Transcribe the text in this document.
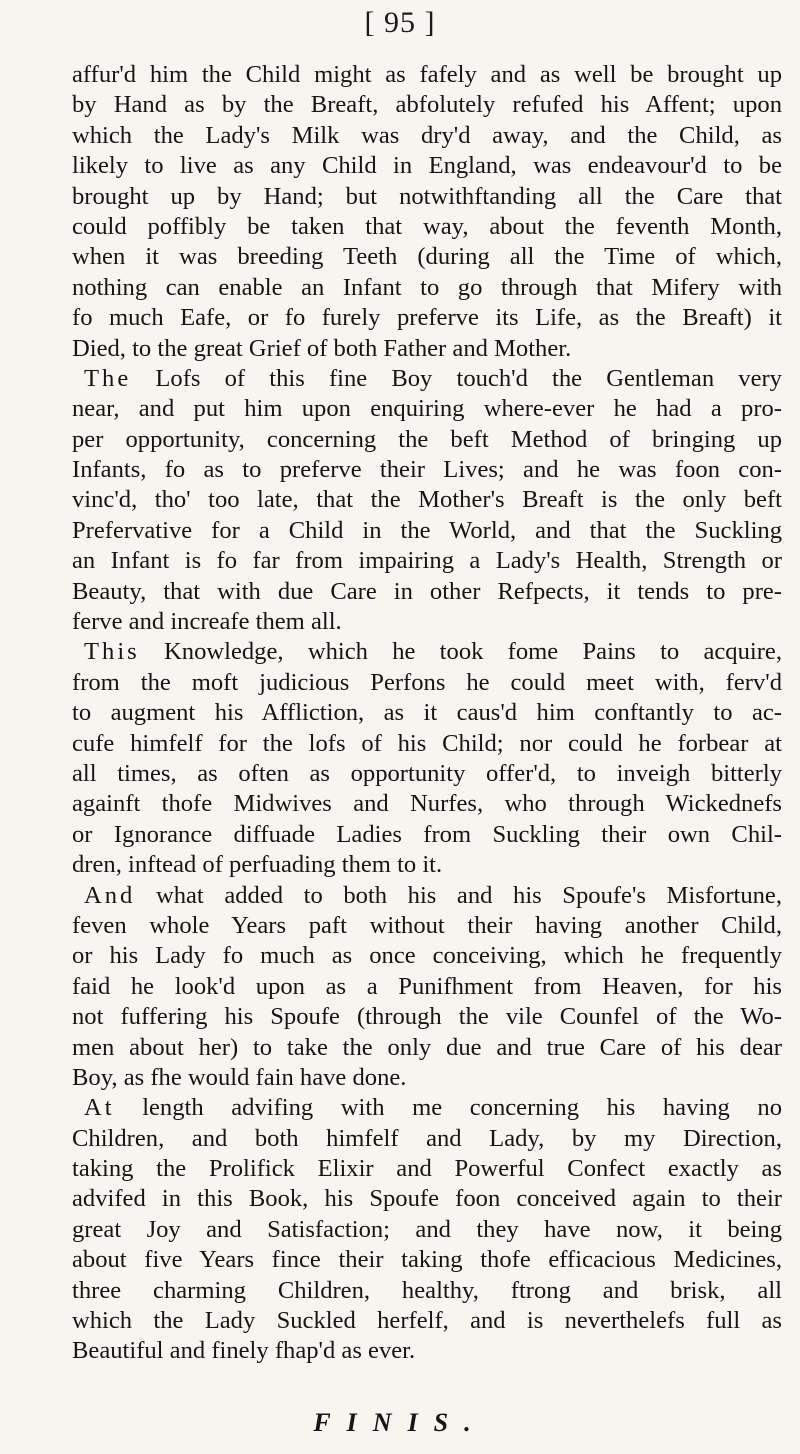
[ 95 ]
affur'd him the Child might as fafely and as well be brought up
by Hand as by the Breaft, abfolutely refufed his Affent; upon
which the Lady's Milk was dry'd away, and the Child, as
likely to live as any Child in England, was endeavour'd to be
brought up by Hand; but notwithftanding all the Care that
could poffibly be taken that way, about the feventh Month,
when it was breeding Teeth (during all the Time of which,
nothing can enable an Infant to go through that Mifery with
fo much Eafe, or fo furely preferve its Life, as the Breaft) it
Died, to the great Grief of both Father and Mother.
The Lofs of this fine Boy touch'd the Gentleman very
near, and put him upon enquiring where-ever he had a pro-
per opportunity, concerning the beft Method of bringing up
Infants, fo as to preferve their Lives; and he was foon con-
vinc'd, tho' too late, that the Mother's Breaft is the only beft
Prefervative for a Child in the World, and that the Suckling
an Infant is fo far from impairing a Lady's Health, Strength or
Beauty, that with due Care in other Refpects, it tends to pre-
ferve and increafe them all.
This Knowledge, which he took fome Pains to acquire,
from the moft judicious Perfons he could meet with, ferv'd
to augment his Affliction, as it caus'd him conftantly to ac-
cufe himfelf for the lofs of his Child; nor could he forbear at
all times, as often as opportunity offer'd, to inveigh bitterly
againft thofe Midwives and Nurfes, who through Wickednefs
or Ignorance diffuade Ladies from Suckling their own Chil-
dren, inftead of perfuading them to it.
And what added to both his and his Spoufe's Misfortune,
feven whole Years paft without their having another Child,
or his Lady fo much as once conceiving, which he frequently
faid he look'd upon as a Punifhment from Heaven, for his
not fuffering his Spoufe (through the vile Counfel of the Wo-
men about her) to take the only due and true Care of his dear
Boy, as fhe would fain have done.
At length advifing with me concerning his having no
Children, and both himfelf and Lady, by my Direction,
taking the Prolifick Elixir and Powerful Confect exactly as
advifed in this Book, his Spoufe foon conceived again to their
great Joy and Satisfaction; and they have now, it being
about five Years fince their taking thofe efficacious Medicines,
three charming Children, healthy, ftrong and brisk, all
which the Lady Suckled herfelf, and is neverthelefs full as
Beautiful and finely fhap'd as ever.
FINIS.
